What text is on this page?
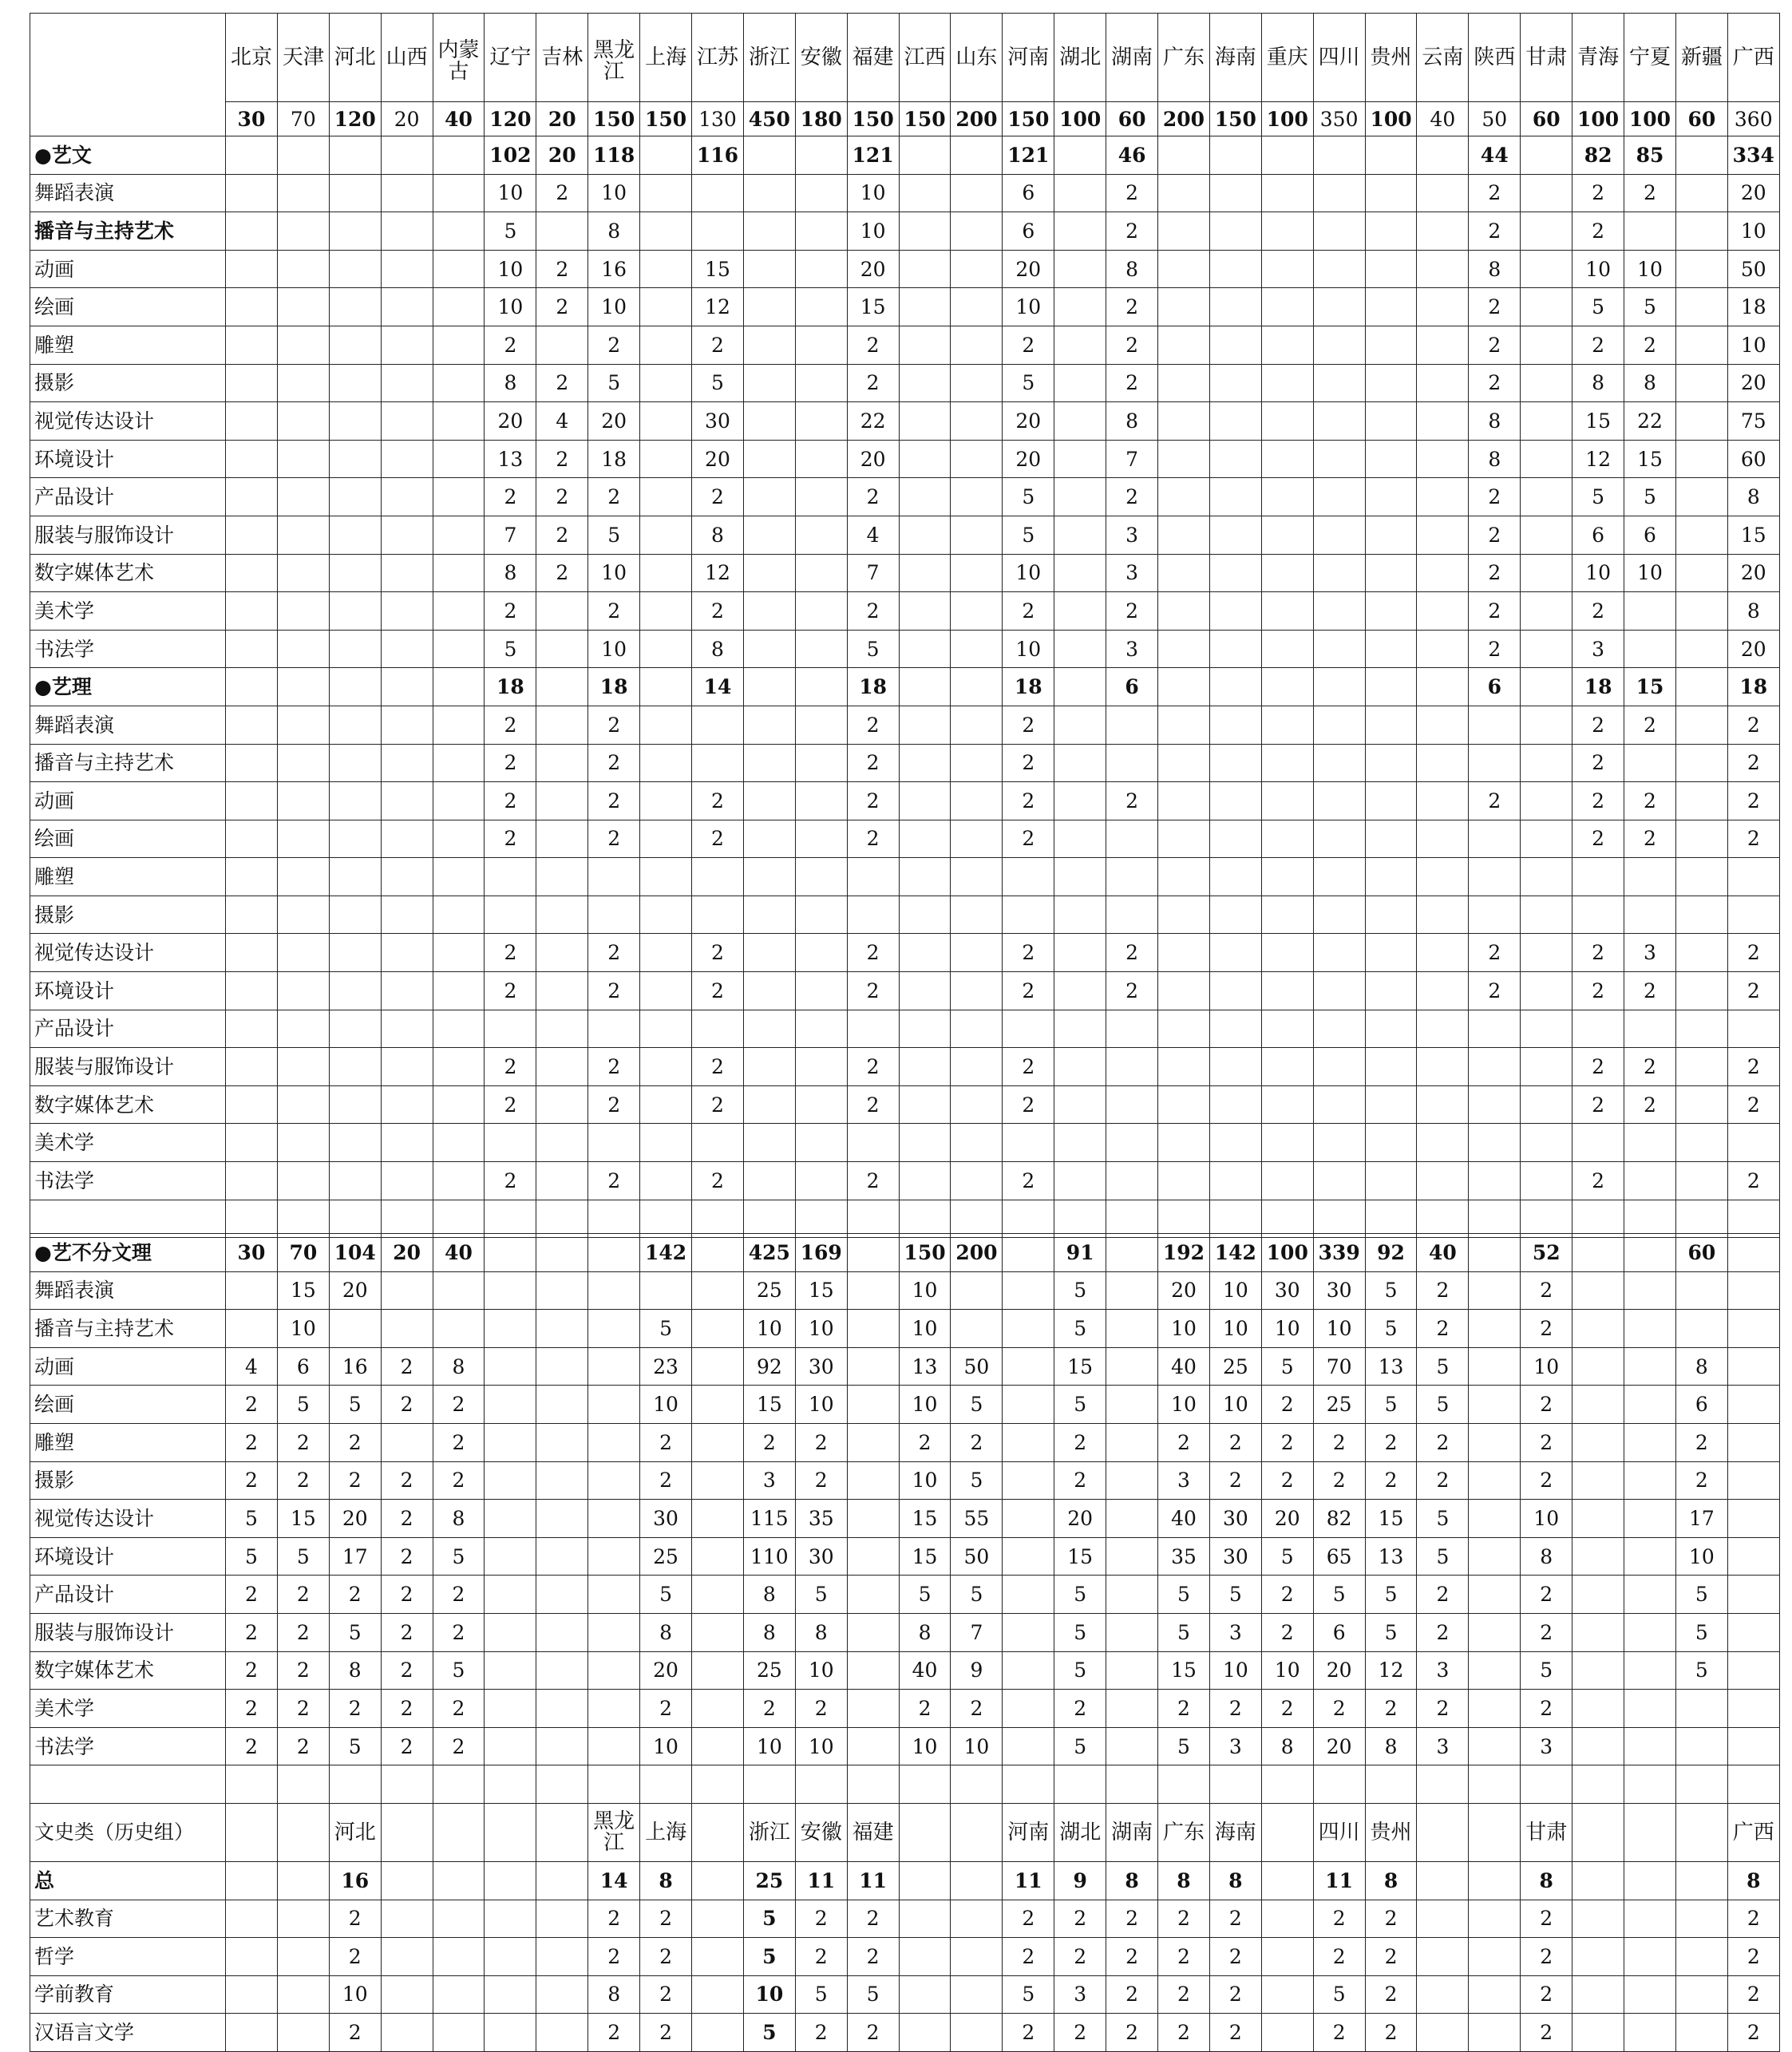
	北京	天津	河北	山西	内蒙古	辽宁	吉林	黑龙江	上海	江苏	浙江	安徽	福建	江西	山东	河南	湖北	湖南	广东	海南	重庆	四川	贵州	云南	陕西	甘肃	青海	宁夏	新疆	广西
	30	70	120	20	40	120	20	150	150	130	450	180	150	150	200	150	100	60	200	150	100	350	100	40	50	60	100	100	60	360
●艺文						102	20	118		116			121			121		46							44		82	85		334
舞蹈表演						10	2	10					10			6		2							2		2	2		20
播音与主持艺术						5		8					10			6		2							2		2			10
动画						10	2	16		15			20			20		8							8		10	10		50
绘画						10	2	10		12			15			10		2							2		5	5		18
雕塑						2		2		2			2			2		2							2		2	2		10
摄影						8	2	5		5			2			5		2							2		8	8		20
视觉传达设计						20	4	20		30			22			20		8							8		15	22		75
环境设计						13	2	18		20			20			20		7							8		12	15		60
产品设计						2	2	2		2			2			5		2							2		5	5		8
服装与服饰设计						7	2	5		8			4			5		3							2		6	6		15
数字媒体艺术						8	2	10		12			7			10		3							2		10	10		20
美术学						2		2		2			2			2		2							2		2			8
书法学						5		10		8			5			10		3							2		3			20
●艺理						18		18		14			18			18		6							6		18	15		18
舞蹈表演						2		2					2			2											2	2		2
播音与主持艺术						2		2					2			2											2			2
动画						2		2		2			2			2		2							2		2	2		2
绘画						2		2		2			2			2											2	2		2
雕塑																														
摄影																														
视觉传达设计						2		2		2			2			2		2							2		2	3		2
环境设计						2		2		2			2			2		2							2		2	2		2
产品设计																														
服装与服饰设计						2		2		2			2			2											2	2		2
数字媒体艺术						2		2		2			2			2											2	2		2
美术学																														
书法学						2		2		2			2			2											2			2

●艺不分文理	30	70	104	20	40				142		425	169		150	200		91		192	142	100	339	92	40		52			60	
舞蹈表演		15	20								25	15		10			5		20	10	30	30	5	2		2				
播音与主持艺术		10							5		10	10		10			5		10	10	10	10	5	2		2				
动画	4	6	16	2	8				23		92	30		13	50		15		40	25	5	70	13	5		10			8	
绘画	2	5	5	2	2				10		15	10		10	5		5		10	10	2	25	5	5		2			6	
雕塑	2	2	2		2				2		2	2		2	2		2		2	2	2	2	2	2		2			2	
摄影	2	2	2	2	2				2		3	2		10	5		2		3	2	2	2	2	2		2			2	
视觉传达设计	5	15	20	2	8				30		115	35		15	55		20		40	30	20	82	15	5		10			17	
环境设计	5	5	17	2	5				25		110	30		15	50		15		35	30	5	65	13	5		8			10	
产品设计	2	2	2	2	2				5		8	5		5	5		5		5	5	2	5	5	2		2			5	
服装与服饰设计	2	2	5	2	2				8		8	8		8	7		5		5	3	2	6	5	2		2			5	
数字媒体艺术	2	2	8	2	5				20		25	10		40	9		5		15	10	10	20	12	3		5			5	
美术学	2	2	2	2	2				2		2	2		2	2		2		2	2	2	2	2	2		2				
书法学	2	2	5	2	2				10		10	10		10	10		5		5	3	8	20	8	3		3				

文史类（历史组）			河北					黑龙江	上海		浙江	安徽	福建			河南	湖北	湖南	广东	海南		四川	贵州			甘肃				广西
总			16					14	8		25	11	11			11	9	8	8	8		11	8			8				8
艺术教育			2					2	2		5	2	2			2	2	2	2	2		2	2			2				2
哲学			2					2	2		5	2	2			2	2	2	2	2		2	2			2				2
学前教育			10					8	2		10	5	5			5	3	2	2	2		5	2			2				2
汉语言文学			2					2	2		5	2	2			2	2	2	2	2		2	2			2				2
